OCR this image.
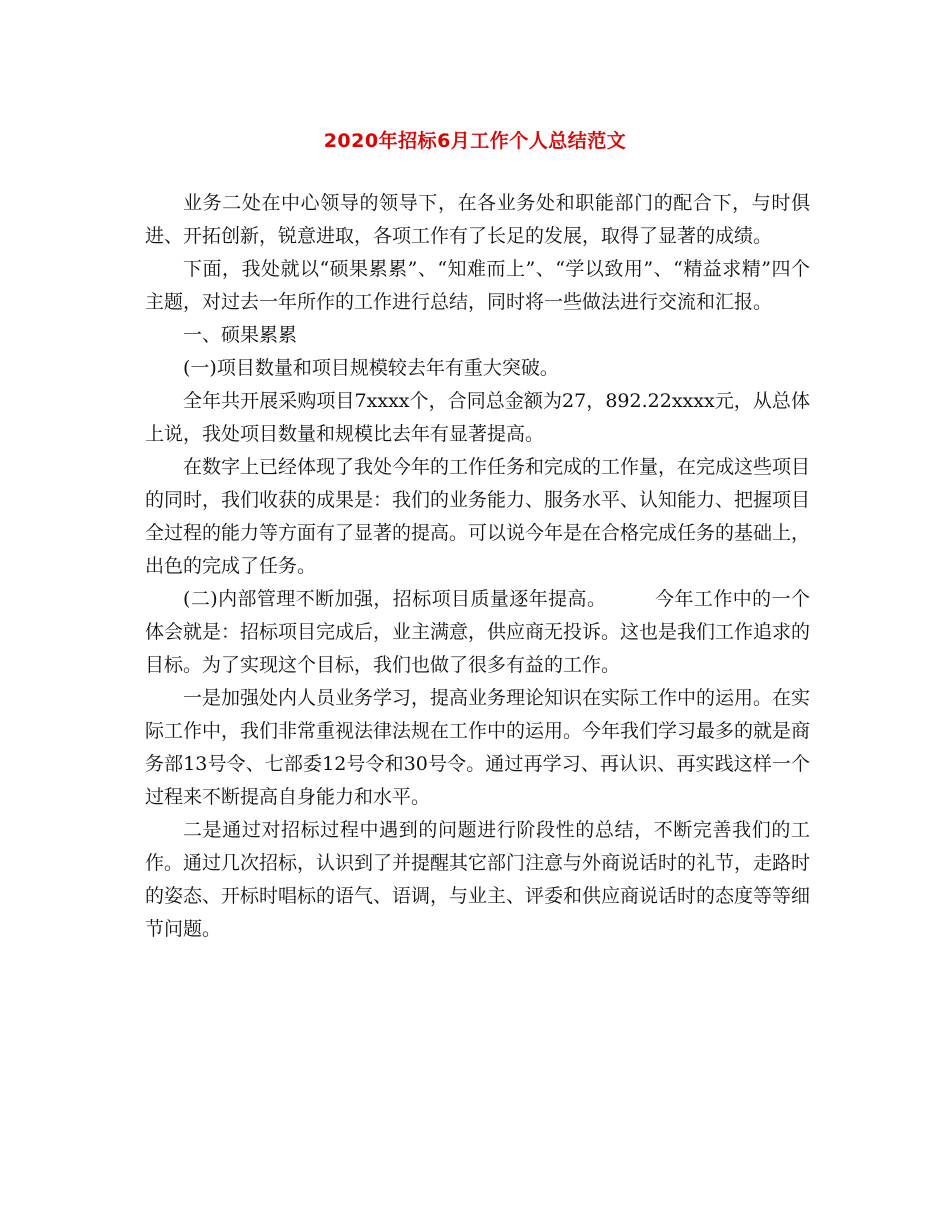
2020年招标6月工作个人总结范文

业务二处在中心领导的领导下，在各业务处和职能部门的配合下，与时俱进、开拓创新，锐意进取，各项工作有了长足的发展，取得了显著的成绩。

下面，我处就以“硕果累累”、“知难而上”、“学以致用”、“精益求精”四个主题，对过去一年所作的工作进行总结，同时将一些做法进行交流和汇报。

一、硕果累累

(一)项目数量和项目规模较去年有重大突破。

全年共开展采购项目7xxxx个，合同总金额为27，892.22xxxx元，从总体上说，我处项目数量和规模比去年有显著提高。

在数字上已经体现了我处今年的工作任务和完成的工作量，在完成这些项目的同时，我们收获的成果是：我们的业务能力、服务水平、认知能力、把握项目全过程的能力等方面有了显著的提高。可以说今年是在合格完成任务的基础上，出色的完成了任务。

(二)内部管理不断加强，招标项目质量逐年提高。　　　今年工作中的一个体会就是：招标项目完成后，业主满意，供应商无投诉。这也是我们工作追求的目标。为了实现这个目标，我们也做了很多有益的工作。

一是加强处内人员业务学习，提高业务理论知识在实际工作中的运用。在实际工作中，我们非常重视法律法规在工作中的运用。今年我们学习最多的就是商务部13号令、七部委12号令和30号令。通过再学习、再认识、再实践这样一个过程来不断提高自身能力和水平。

二是通过对招标过程中遇到的问题进行阶段性的总结，不断完善我们的工作。通过几次招标，认识到了并提醒其它部门注意与外商说话时的礼节，走路时的姿态、开标时唱标的语气、语调，与业主、评委和供应商说话时的态度等等细节问题。
